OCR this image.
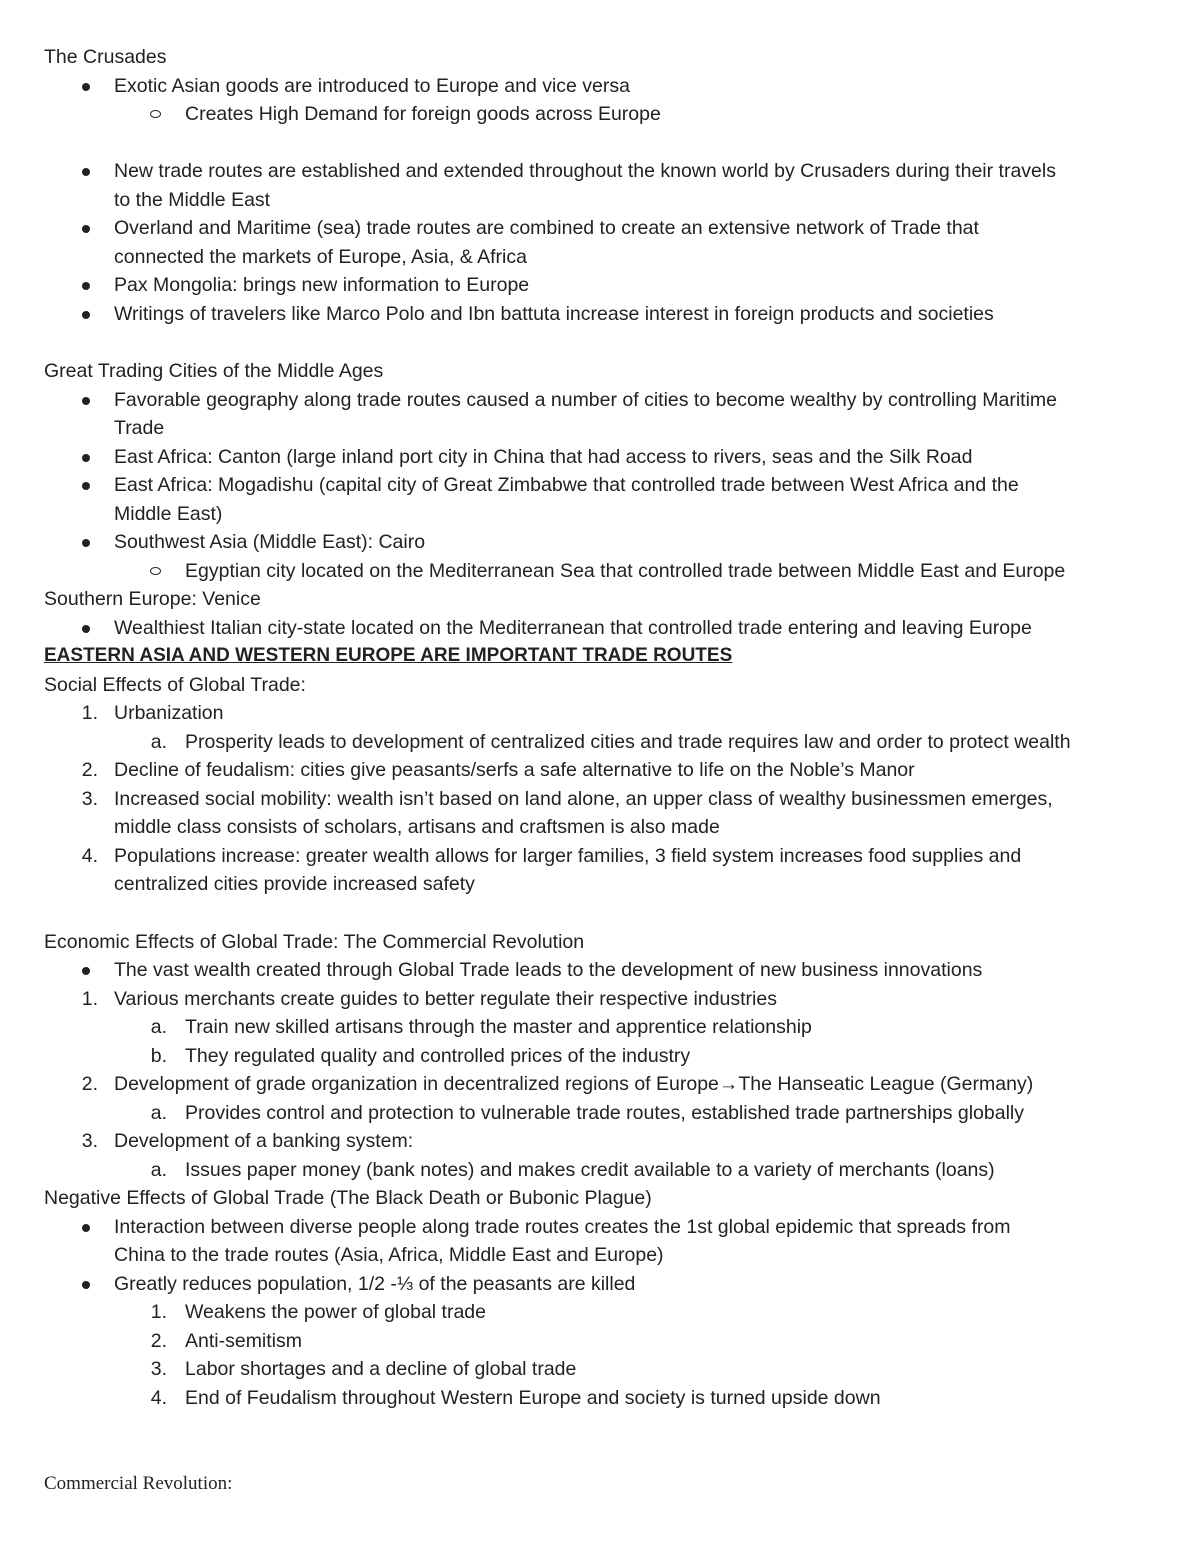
The Crusades
Exotic Asian goods are introduced to Europe and vice versa
Creates High Demand for foreign goods across Europe
New trade routes are established and extended throughout the known world by Crusaders during their travels
to the Middle East
Overland and Maritime (sea) trade routes are combined to create an extensive network of Trade that
connected the markets of Europe, Asia, & Africa
Pax Mongolia: brings new information to Europe
Writings of travelers like Marco Polo and Ibn battuta increase interest in foreign products and societies
Great Trading Cities of the Middle Ages
Favorable geography along trade routes caused a number of cities to become wealthy by controlling Maritime
Trade
East Africa: Canton (large inland port city in China that had access to rivers, seas and the Silk Road
East Africa: Mogadishu (capital city of Great Zimbabwe that controlled trade between West Africa and the
Middle East)
Southwest Asia (Middle East): Cairo
Egyptian city located on the Mediterranean Sea that controlled trade between Middle East and Europe
Southern Europe: Venice
Wealthiest Italian city-state located on the Mediterranean that controlled trade entering and leaving Europe
EASTERN ASIA AND WESTERN EUROPE ARE IMPORTANT TRADE ROUTES
Social Effects of Global Trade:
1. Urbanization
a. Prosperity leads to development of centralized cities and trade requires law and order to protect wealth
2. Decline of feudalism: cities give peasants/serfs a safe alternative to life on the Noble’s Manor
3. Increased social mobility: wealth isn’t based on land alone, an upper class of wealthy businessmen emerges,
middle class consists of scholars, artisans and craftsmen is also made
4. Populations increase: greater wealth allows for larger families, 3 field system increases food supplies and
centralized cities provide increased safety
Economic Effects of Global Trade: The Commercial Revolution
The vast wealth created through Global Trade leads to the development of new business innovations
1. Various merchants create guides to better regulate their respective industries
a. Train new skilled artisans through the master and apprentice relationship
b. They regulated quality and controlled prices of the industry
2. Development of grade organization in decentralized regions of Europe→The Hanseatic League (Germany)
a. Provides control and protection to vulnerable trade routes, established trade partnerships globally
3. Development of a banking system:
a. Issues paper money (bank notes) and makes credit available to a variety of merchants (loans)
Negative Effects of Global Trade (The Black Death or Bubonic Plague)
Interaction between diverse people along trade routes creates the 1st global epidemic that spreads from
China to the trade routes (Asia, Africa, Middle East and Europe)
Greatly reduces population, 1/2 -⅓ of the peasants are killed
1. Weakens the power of global trade
2. Anti-semitism
3. Labor shortages and a decline of global trade
4. End of Feudalism throughout Western Europe and society is turned upside down
Commercial Revolution:
